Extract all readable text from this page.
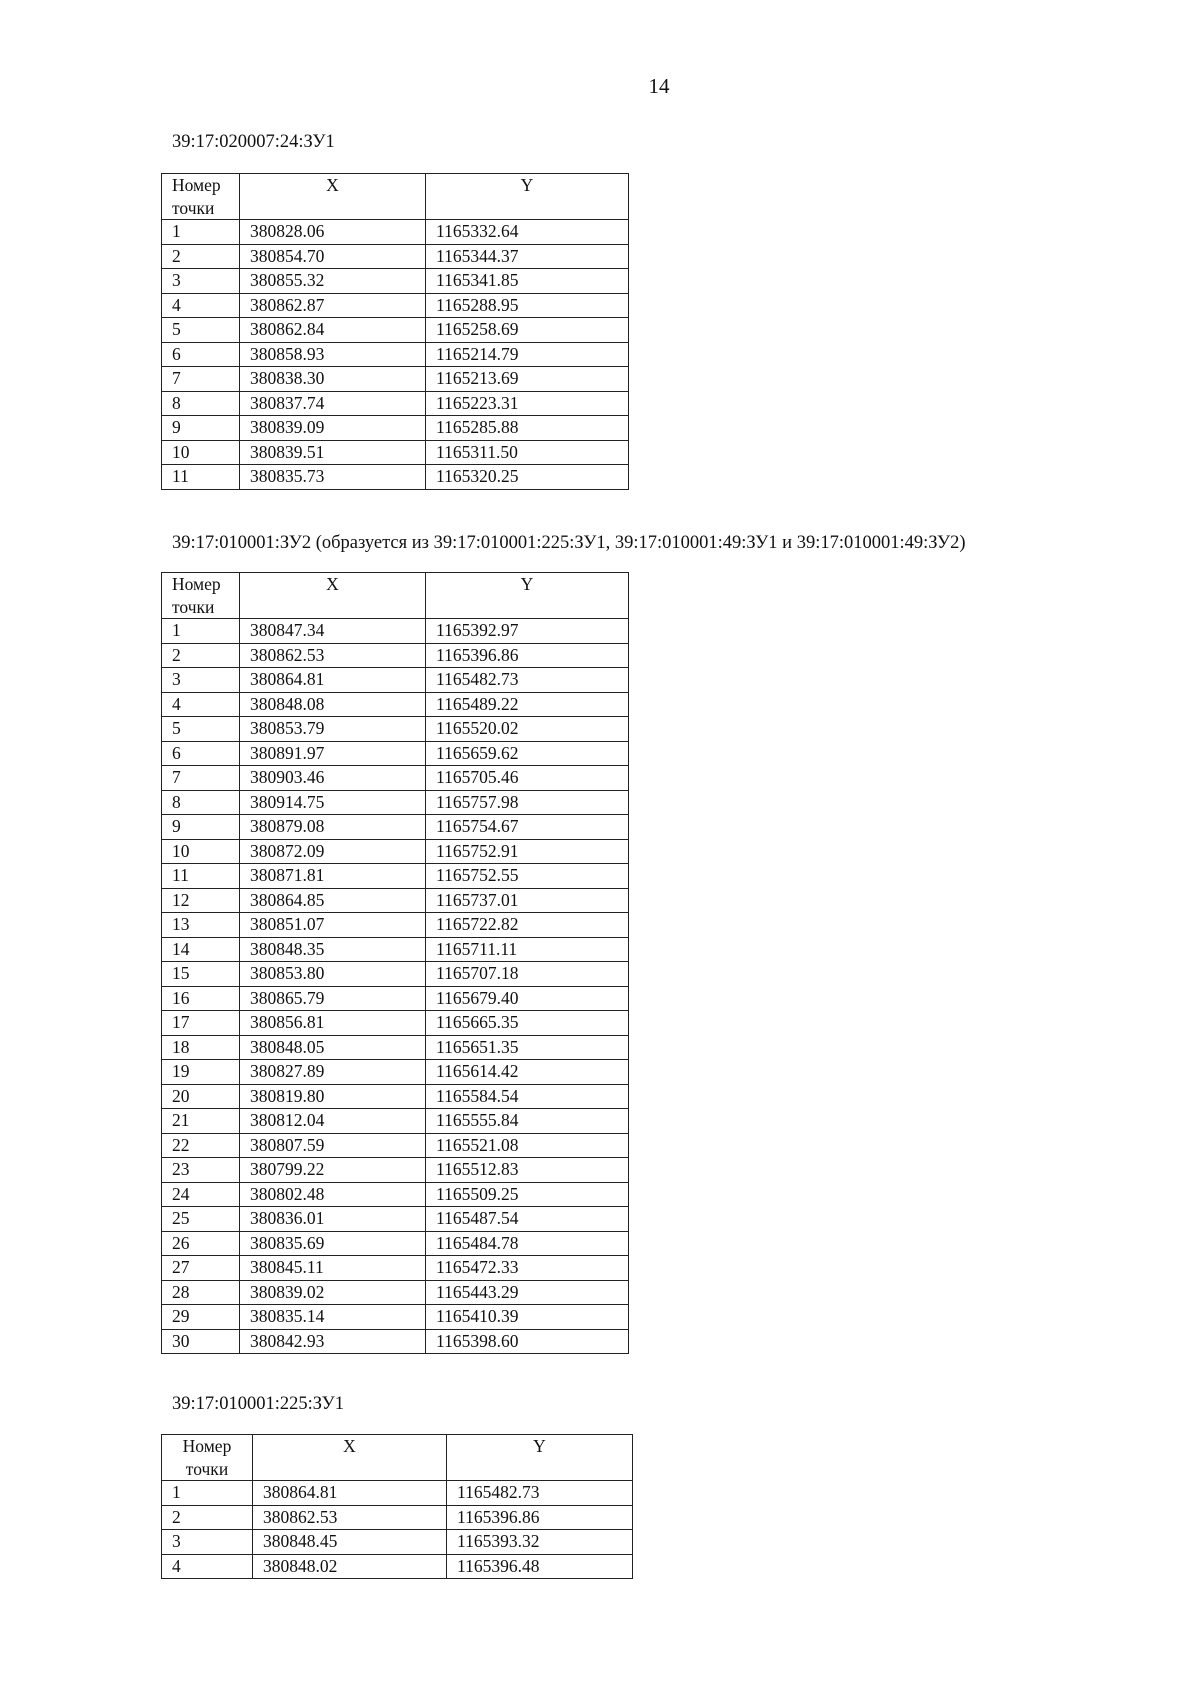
14
39:17:020007:24:ЗУ1
Номер
точки	X	Y
1	380828.06	1165332.64
2	380854.70	1165344.37
3	380855.32	1165341.85
4	380862.87	1165288.95
5	380862.84	1165258.69
6	380858.93	1165214.79
7	380838.30	1165213.69
8	380837.74	1165223.31
9	380839.09	1165285.88
10	380839.51	1165311.50
11	380835.73	1165320.25
39:17:010001:ЗУ2 (образуется из 39:17:010001:225:ЗУ1, 39:17:010001:49:ЗУ1 и 39:17:010001:49:ЗУ2)
Номер
точки	X	Y
1	380847.34	1165392.97
2	380862.53	1165396.86
3	380864.81	1165482.73
4	380848.08	1165489.22
5	380853.79	1165520.02
6	380891.97	1165659.62
7	380903.46	1165705.46
8	380914.75	1165757.98
9	380879.08	1165754.67
10	380872.09	1165752.91
11	380871.81	1165752.55
12	380864.85	1165737.01
13	380851.07	1165722.82
14	380848.35	1165711.11
15	380853.80	1165707.18
16	380865.79	1165679.40
17	380856.81	1165665.35
18	380848.05	1165651.35
19	380827.89	1165614.42
20	380819.80	1165584.54
21	380812.04	1165555.84
22	380807.59	1165521.08
23	380799.22	1165512.83
24	380802.48	1165509.25
25	380836.01	1165487.54
26	380835.69	1165484.78
27	380845.11	1165472.33
28	380839.02	1165443.29
29	380835.14	1165410.39
30	380842.93	1165398.60
39:17:010001:225:ЗУ1
Номер
точки	X	Y
1	380864.81	1165482.73
2	380862.53	1165396.86
3	380848.45	1165393.32
4	380848.02	1165396.48
